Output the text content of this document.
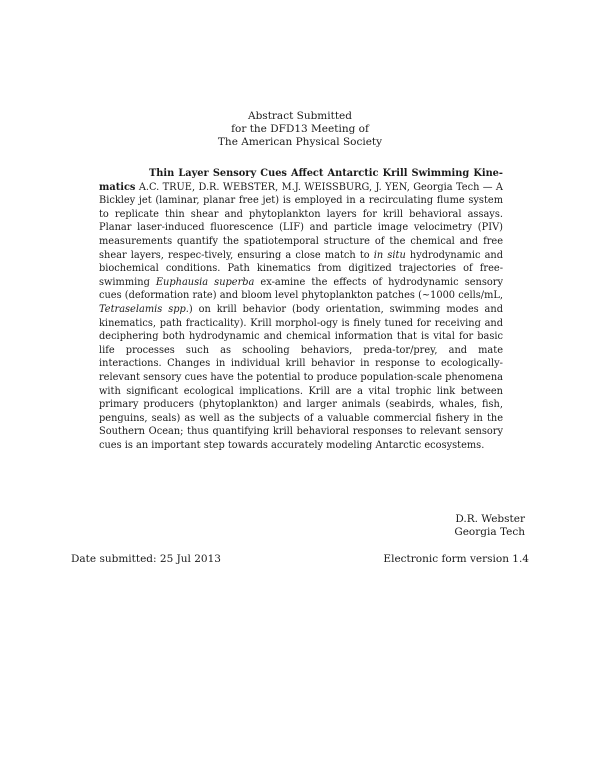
Abstract Submitted
for the DFD13 Meeting of
The American Physical Society
Thin Layer Sensory Cues Affect Antarctic Krill Swimming Kine-matics A.C. TRUE, D.R. WEBSTER, M.J. WEISSBURG, J. YEN, Georgia Tech — A Bickley jet (laminar, planar free jet) is employed in a recirculating flume system to replicate thin shear and phytoplankton layers for krill behavioral assays. Planar laser-induced fluorescence (LIF) and particle image velocimetry (PIV) measurements quantify the spatiotemporal structure of the chemical and free shear layers, respec-tively, ensuring a close match to in situ hydrodynamic and biochemical conditions. Path kinematics from digitized trajectories of free-swimming Euphausia superba ex-amine the effects of hydrodynamic sensory cues (deformation rate) and bloom level phytoplankton patches (~1000 cells/mL, Tetraselamis spp.) on krill behavior (body orientation, swimming modes and kinematics, path fracticality). Krill morphol-ogy is finely tuned for receiving and deciphering both hydrodynamic and chemical information that is vital for basic life processes such as schooling behaviors, preda-tor/prey, and mate interactions. Changes in individual krill behavior in response to ecologically-relevant sensory cues have the potential to produce population-scale phenomena with significant ecological implications. Krill are a vital trophic link between primary producers (phytoplankton) and larger animals (seabirds, whales, fish, penguins, seals) as well as the subjects of a valuable commercial fishery in the Southern Ocean; thus quantifying krill behavioral responses to relevant sensory cues is an important step towards accurately modeling Antarctic ecosystems.
D.R. Webster
Georgia Tech
Date submitted: 25 Jul 2013	Electronic form version 1.4
